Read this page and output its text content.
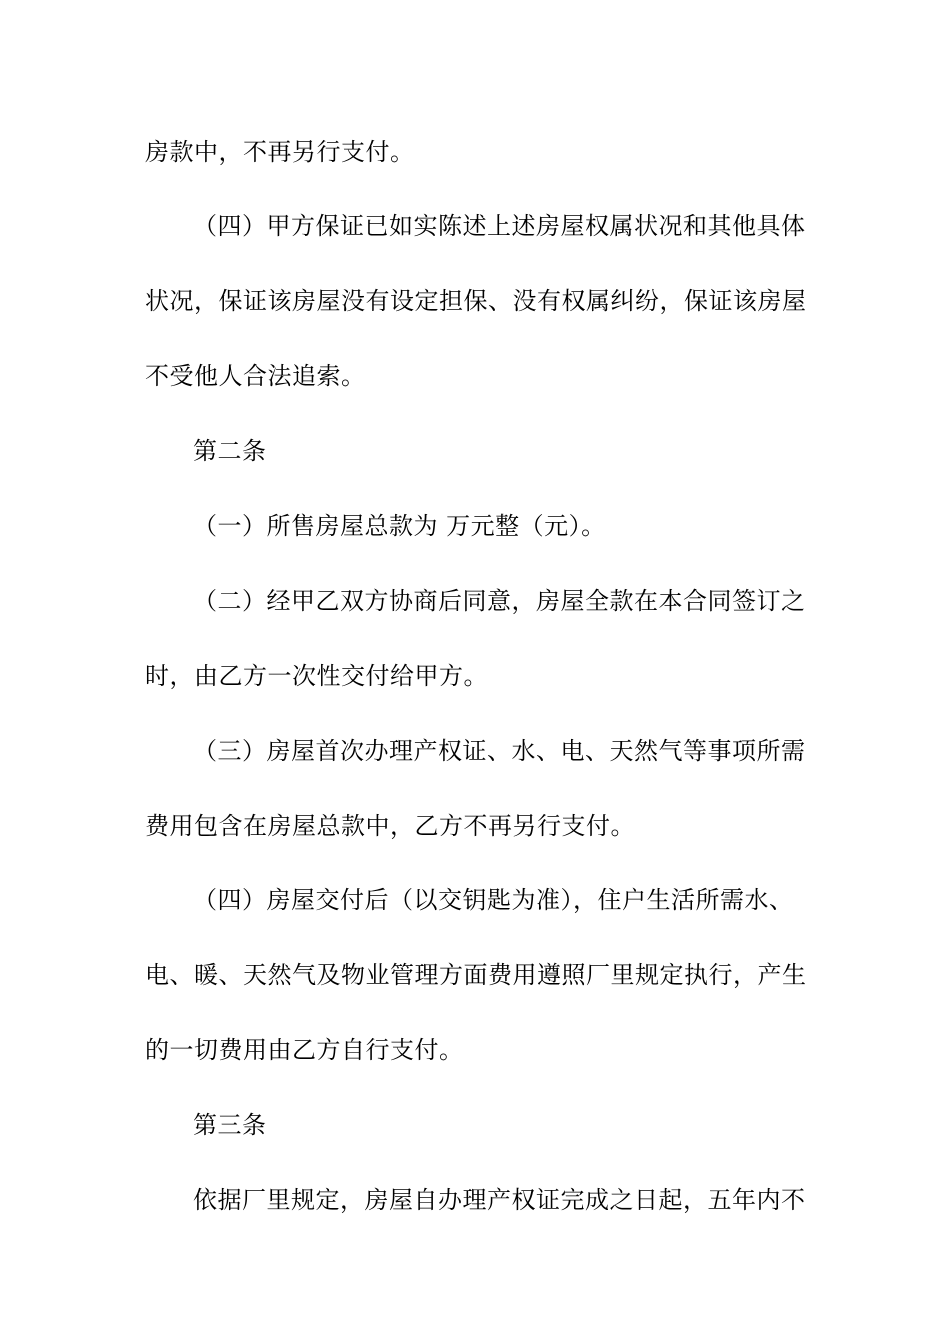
房款中，不再另行支付。
（四）甲方保证已如实陈述上述房屋权属状况和其他具体
状况，保证该房屋没有设定担保、没有权属纠纷，保证该房屋
不受他人合法追索。
第二条
（一）所售房屋总款为 万元整（元）。
（二）经甲乙双方协商后同意，房屋全款在本合同签订之
时，由乙方一次性交付给甲方。
（三）房屋首次办理产权证、水、电、天然气等事项所需
费用包含在房屋总款中，乙方不再另行支付。
（四）房屋交付后（以交钥匙为准），住户生活所需水、
电、暖、天然气及物业管理方面费用遵照厂里规定执行，产生
的一切费用由乙方自行支付。
第三条
依据厂里规定，房屋自办理产权证完成之日起，五年内不
